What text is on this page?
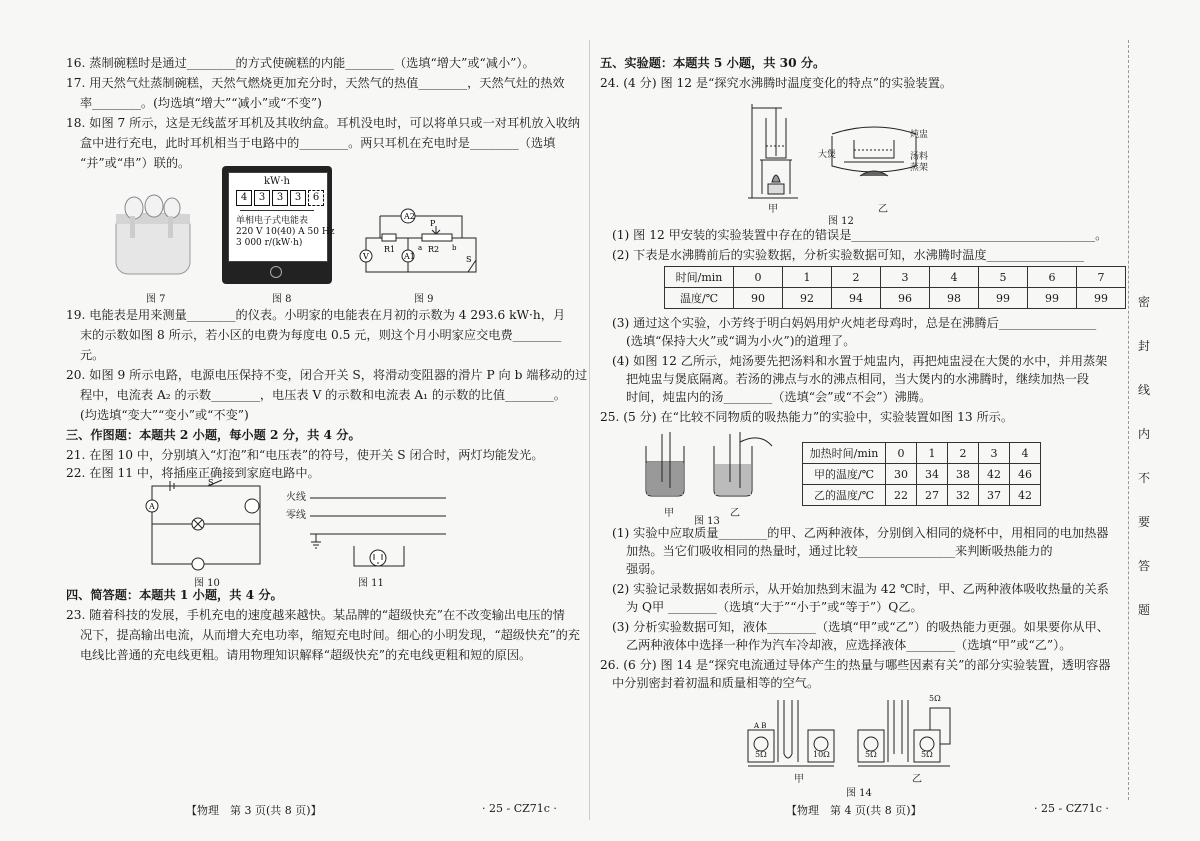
16. 蒸制碗糕时是通过________的方式使碗糕的内能________（选填“增大”或“减小”）。
17. 用天然气灶蒸制碗糕，天然气燃烧更加充分时，天然气的热值________，天然气灶的热效
率________。(均选填“增大”“减小”或“不变”)
18. 如图 7 所示，这是无线蓝牙耳机及其收纳盒。耳机没电时，可以将单只或一对耳机放入收纳
盒中进行充电，此时耳机相当于电路中的________。两只耳机在充电时是________（选填
“并”或“串”）联的。
图 7
kW·h
4	3	3	3	6
单相电子式电能表
220 V 10(40) A 50 Hz
3 000 r/(kW·h)
图 8
A2
V	A1
R1	R2
P
a	b
S
图 9
19. 电能表是用来测量________的仪表。小明家的电能表在月初的示数为 4 293.6 kW·h，月
末的示数如图 8 所示，若小区的电费为每度电 0.5 元，则这个月小明家应交电费________
元。
20. 如图 9 所示电路，电源电压保持不变，闭合开关 S，将滑动变阻器的滑片 P 向 b 端移动的过
程中，电流表 A₂ 的示数________，电压表 V 的示数和电流表 A₁ 的示数的比值________。
(均选填“变大”“变小”或“不变”)
三、作图题：本题共 2 小题，每小题 2 分，共 4 分。
21. 在图 10 中，分别填入“灯泡”和“电压表”的符号，使开关 S 闭合时，两灯均能发光。
22. 在图 11 中，将插座正确接到家庭电路中。
A
S
图 10
火线
零线
图 11
四、简答题：本题共 1 小题，共 4 分。
23. 随着科技的发展，手机充电的速度越来越快。某品牌的“超级快充”在不改变输出电压的情
况下，提高输出电流，从而增大充电功率，缩短充电时间。细心的小明发现，“超级快充”的充
电线比普通的充电线更粗。请用物理知识解释“超级快充”的充电线更粗和短的原因。
【物理　第 3 页(共 8 页)】	· 25 - CZ71c ·
五、实验题：本题共 5 小题，共 30 分。
24. (4 分) 图 12 是“探究水沸腾时温度变化的特点”的实验装置。
甲
炖盅
大煲	汤料
蒸架
乙
图 12
(1) 图 12 甲安装的实验装置中存在的错误是________________________________________。
(2) 下表是水沸腾前后的实验数据，分析实验数据可知，水沸腾时温度________________
时间/min	0	1	2	3	4	5	6	7
温度/℃	90	92	94	96	98	99	99	99
(3) 通过这个实验，小芳终于明白妈妈用炉火炖老母鸡时，总是在沸腾后________________
(选填“保持大火”或“调为小火”)的道理了。
(4) 如图 12 乙所示，炖汤要先把汤料和水置于炖盅内，再把炖盅浸在大煲的水中，并用蒸架
把炖盅与煲底隔离。若汤的沸点与水的沸点相同，当大煲内的水沸腾时，继续加热一段
时间，炖盅内的汤________（选填“会”或“不会”）沸腾。
25. (5 分) 在“比较不同物质的吸热能力”的实验中，实验装置如图 13 所示。
甲	乙
图 13
加热时间/min	0	1	2	3	4
甲的温度/℃	30	34	38	42	46
乙的温度/℃	22	27	32	37	42
(1) 实验中应取质量________的甲、乙两种液体，分别倒入相同的烧杯中，用相同的电加热器
加热。当它们吸收相同的热量时，通过比较________________来判断吸热能力的
强弱。
(2) 实验记录数据如表所示，从开始加热到末温为 42 ℃时，甲、乙两种液体吸收热量的关系
为 Q甲 ________（选填“大于”“小于”或“等于”）Q乙。
(3) 分析实验数据可知，液体________（选填“甲”或“乙”）的吸热能力更强。如果要你从甲、
乙两种液体中选择一种作为汽车冷却液，应选择液体________（选填“甲”或“乙”）。
26. (6 分) 图 14 是“探究电流通过导体产生的热量与哪些因素有关”的部分实验装置，透明容器
中分别密封着初温和质量相等的空气。
A B
5Ω	10Ω	5Ω	5Ω
5Ω
甲	乙
图 14
【物理　第 4 页(共 8 页)】	· 25 - CZ71c ·
密
封
线
内
不
要
答
题
